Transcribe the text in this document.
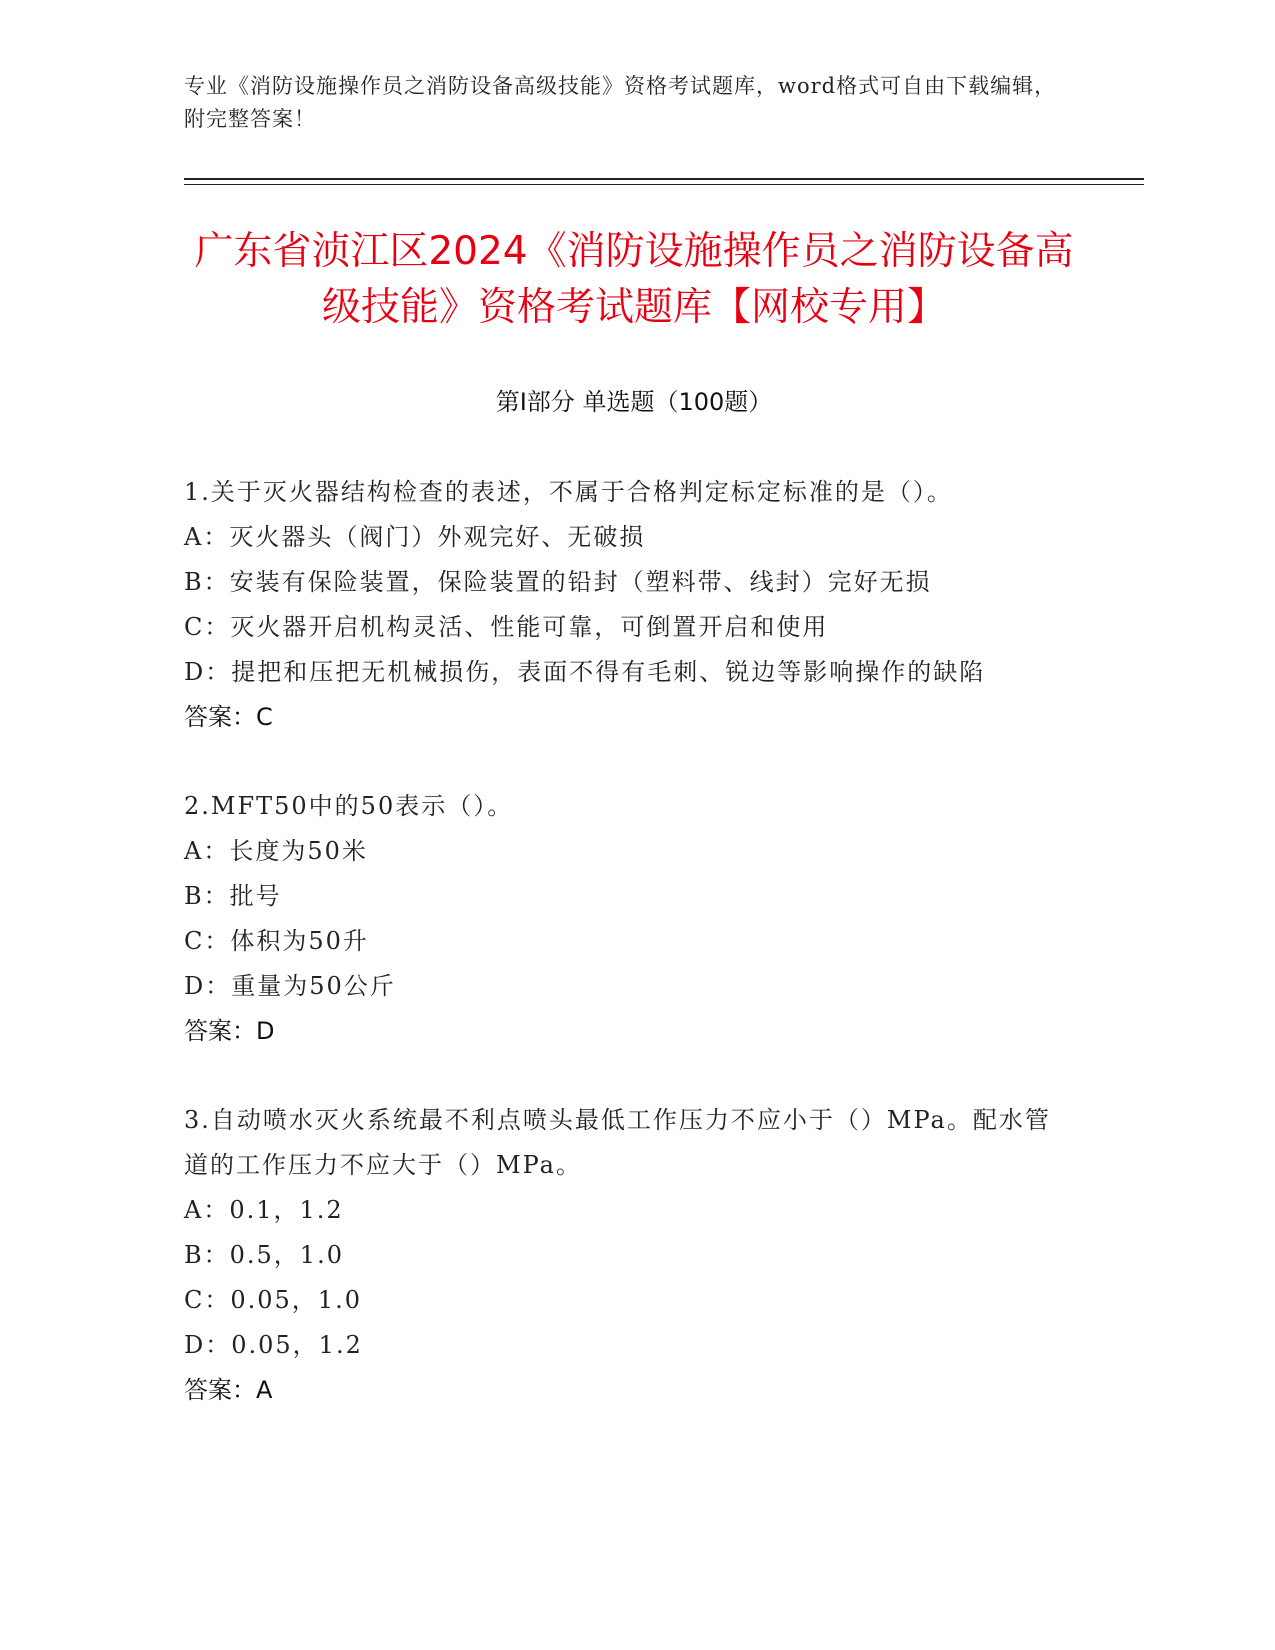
专业《消防设施操作员之消防设备高级技能》资格考试题库，word格式可自由下载编辑，附完整答案！
广东省浈江区2024《消防设施操作员之消防设备高级技能》资格考试题库【网校专用】
第I部分 单选题（100题）

1.关于灭火器结构检查的表述，不属于合格判定标定标准的是（）。

A：灭火器头（阀门）外观完好、无破损

B：安装有保险装置，保险装置的铅封（塑料带、线封）完好无损

C：灭火器开启机构灵活、性能可靠，可倒置开启和使用

D：提把和压把无机械损伤，表面不得有毛刺、锐边等影响操作的缺陷

答案：C

2.MFT50中的50表示（）。

A：长度为50米

B：批号

C：体积为50升

D：重量为50公斤

答案：D

3.自动喷水灭火系统最不利点喷头最低工作压力不应小于（）MPa。配水管道的工作压力不应大于（）MPa。

A：0.1，1.2

B：0.5，1.0

C：0.05，1.0

D：0.05，1.2

答案：A
